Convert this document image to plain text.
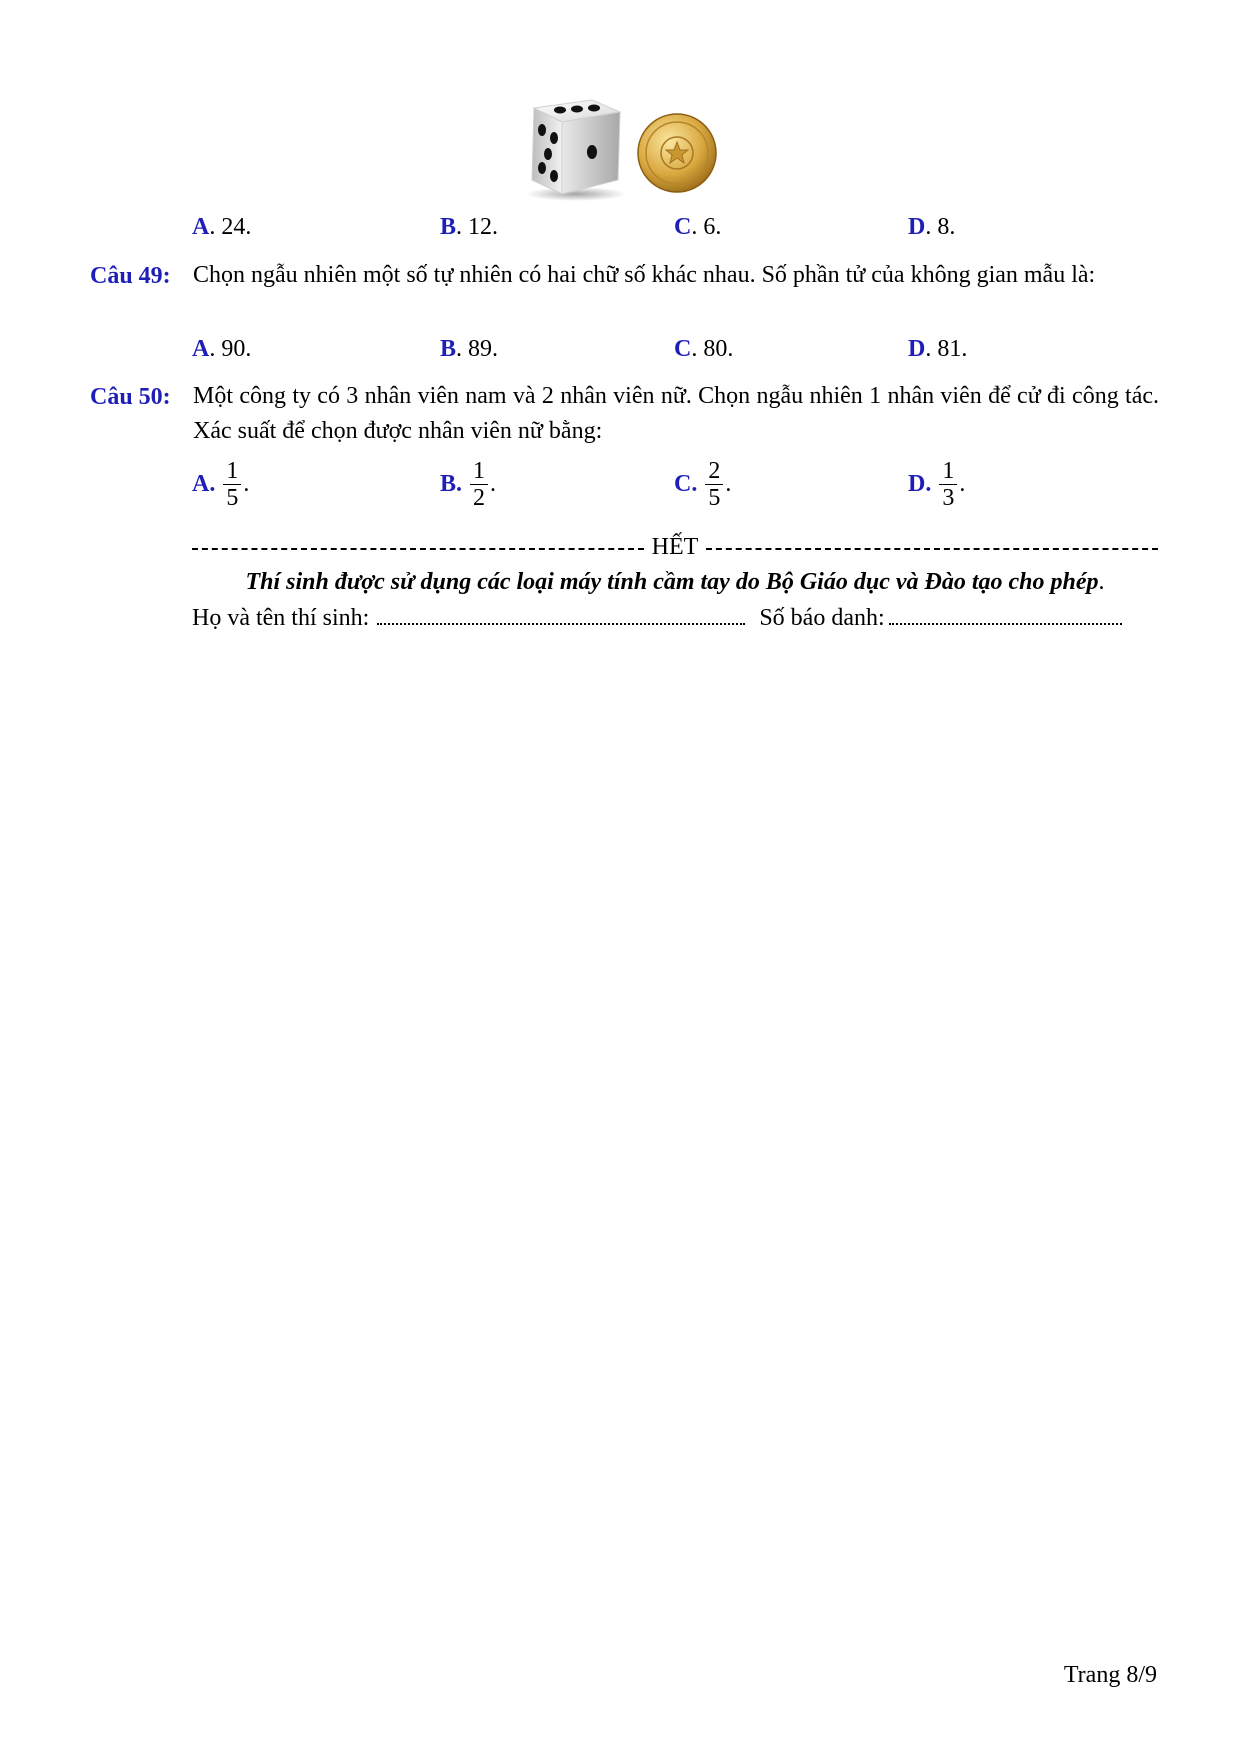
A. 24.	B. 12.	C. 6.	D. 8.
Câu 49: Chọn ngẫu nhiên một số tự nhiên có hai chữ số khác nhau. Số phần tử của không gian mẫu là:
A. 90.	B. 89.	C. 80.	D. 81.
Câu 50: Một công ty có 3 nhân viên nam và 2 nhân viên nữ. Chọn ngẫu nhiên 1 nhân viên để cử đi công tác. Xác suất để chọn được nhân viên nữ bằng:
A. $\frac{1}{5}$ .	B. $\frac{1}{2}$ .	C. $\frac{2}{5}$ .	D. $\frac{1}{3}$ .
HẾT
Thí sinh được sử dụng các loại máy tính cầm tay do Bộ Giáo dục và Đào tạo cho phép.
Họ và tên thí sinh:	Số báo danh:
Trang 8/9
